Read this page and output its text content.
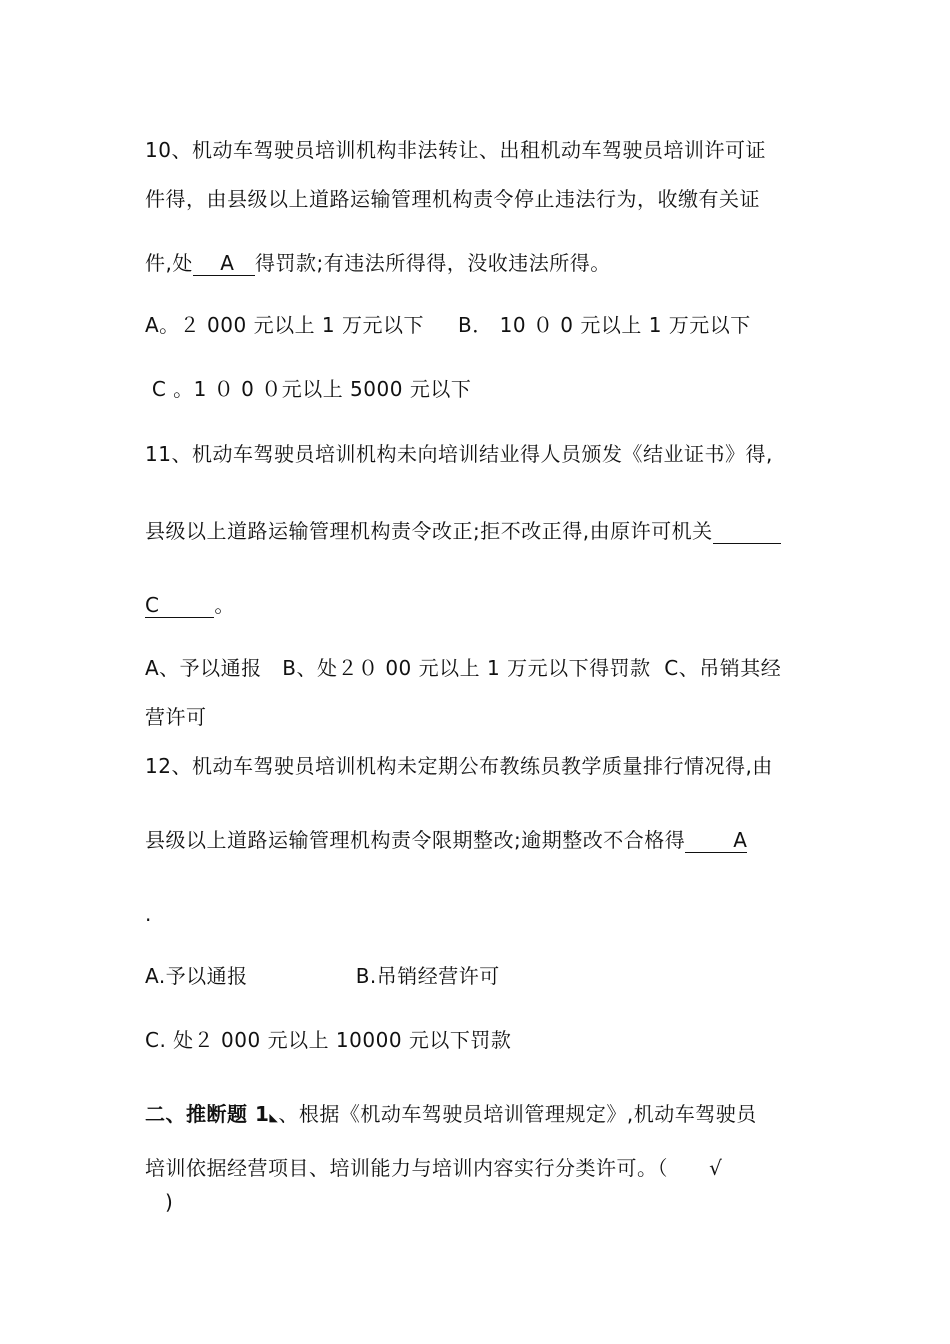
10、机动车驾驶员培训机构非法转让、出租机动车驾驶员培训许可证
件得，由县级以上道路运输管理机构责令停止违法行为，收缴有关证
件,处    A   得罚款;有违法所得得，没收违法所得。
A。２ 000 元以上 1 万元以下 B． 10 ０ 0 元以上 1 万元以下
C 。1 ０ 0 ０元以上 5000 元以下
11、机动车驾驶员培训机构未向培训结业得人员颁发《结业证书》得,
县级以上道路运输管理机构责令改正;拒不改正得,由原许可机关
C        。
A、予以通报   B、处２０ 00 元以上 1 万元以下得罚款  C、吊销其经
营许可
12、机动车驾驶员培训机构未定期公布教练员教学质量排行情况得,由
县级以上道路运输管理机构责令限期整改;逾期整改不合格得       A
.
A.予以通报	B.吊销经营许可
C. 处２ 000 元以上 10000 元以下罚款
二、推断题 1◣、根据《机动车驾驶员培训管理规定》,机动车驾驶员
培训依据经营项目、培训能力与培训内容实行分类许可。（      √
)
